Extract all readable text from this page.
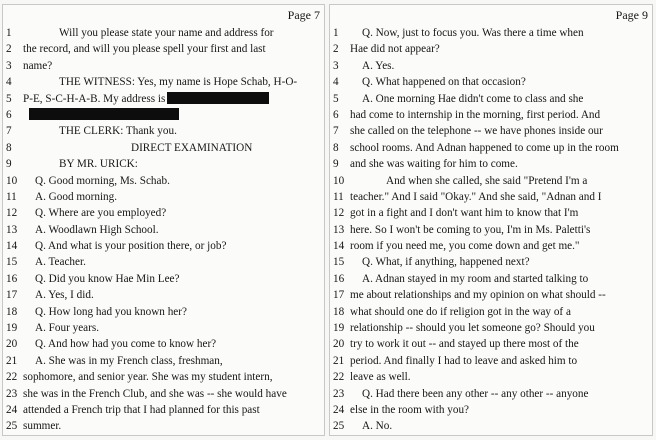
Page 7
1	Will you please state your name and address for
2	the record, and will you please spell your first and last
3	name?
4	THE WITNESS: Yes, my name is Hope Schab, H-O-
5	P-E, S-C-H-A-B. My address is
6
7	THE CLERK: Thank you.
8	DIRECT EXAMINATION
9	BY MR. URICK:
10	Q. Good morning, Ms. Schab.
11	A. Good morning.
12	Q. Where are you employed?
13	A. Woodlawn High School.
14	Q. And what is your position there, or job?
15	A. Teacher.
16	Q. Did you know Hae Min Lee?
17	A. Yes, I did.
18	Q. How long had you known her?
19	A. Four years.
20	Q. And how had you come to know her?
21	A. She was in my French class, freshman,
22 sophomore, and senior year. She was my student intern,
23 she was in the French Club, and she was -- she would have
24 attended a French trip that I had planned for this past
25 summer.
Page 9
1	Q. Now, just to focus you. Was there a time when
2	Hae did not appear?
3	A. Yes.
4	Q. What happened on that occasion?
5	A. One morning Hae didn't come to class and she
6	had come to internship in the morning, first period. And
7	she called on the telephone -- we have phones inside our
8	school rooms. And Adnan happened to come up in the room
9	and she was waiting for him to come.
10	And when she called, she said "Pretend I'm a
11 teacher." And I said "Okay." And she said, "Adnan and I
12 got in a fight and I don't want him to know that I'm
13 here. So I won't be coming to you, I'm in Ms. Paletti's
14 room if you need me, you come down and get me."
15	Q. What, if anything, happened next?
16	A. Adnan stayed in my room and started talking to
17 me about relationships and my opinion on what should --
18 what should one do if religion got in the way of a
19 relationship -- should you let someone go? Should you
20 try to work it out -- and stayed up there most of the
21 period. And finally I had to leave and asked him to
22 leave as well.
23	Q. Had there been any other -- any other -- anyone
24 else in the room with you?
25	A. No.
